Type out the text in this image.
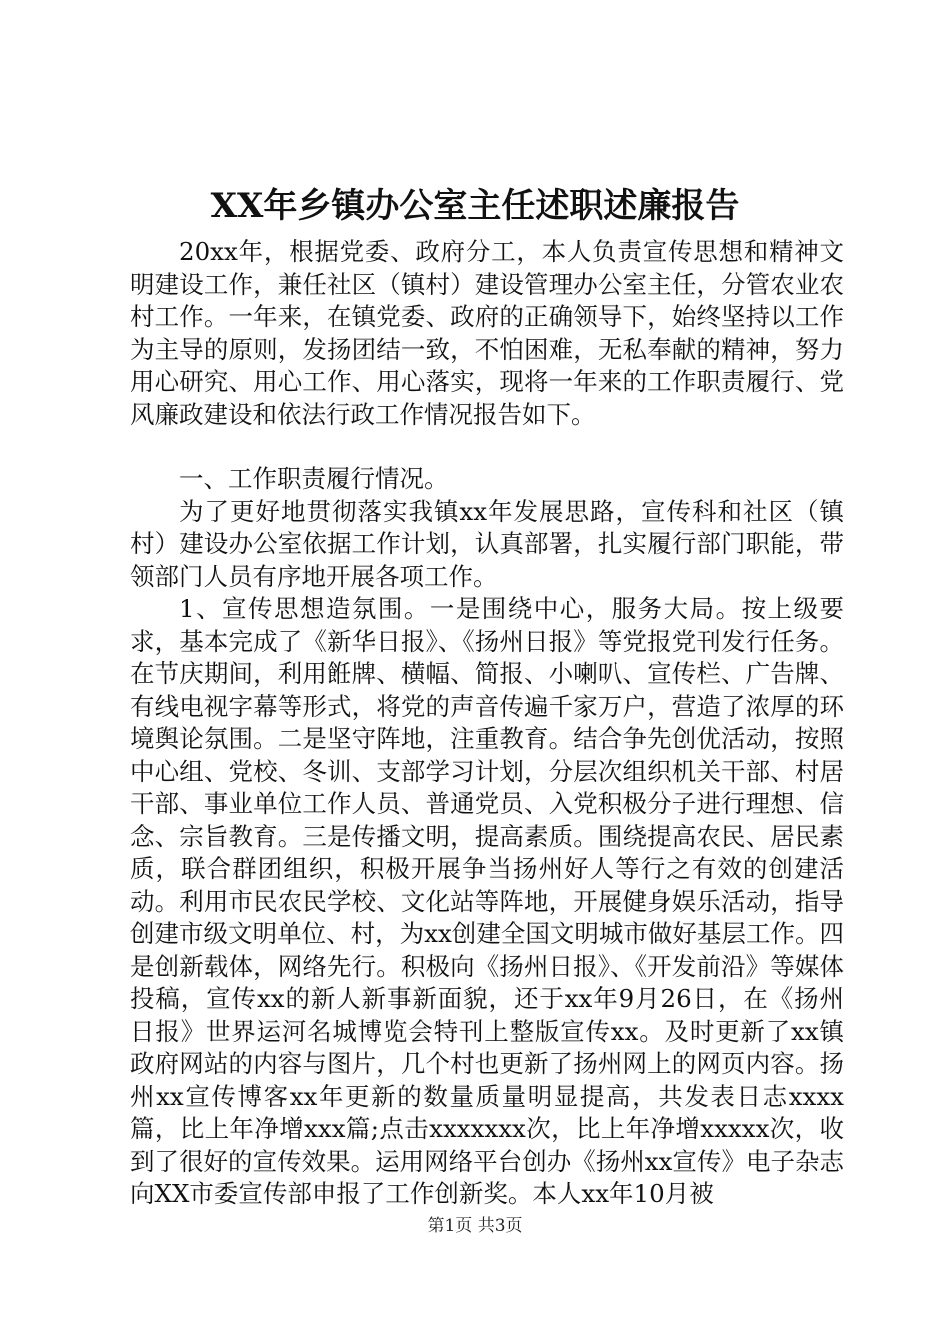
XX年乡镇办公室主任述职述廉报告

20xx年，根据党委、政府分工，本人负责宣传思想和精神文明建设工作，兼任社区（镇村）建设管理办公室主任，分管农业农村工作。一年来，在镇党委、政府的正确领导下，始终坚持以工作为主导的原则，发扬团结一致，不怕困难，无私奉献的精神，努力用心研究、用心工作、用心落实，现将一年来的工作职责履行、党风廉政建设和依法行政工作情况报告如下。

一、工作职责履行情况。

为了更好地贯彻落实我镇xx年发展思路，宣传科和社区（镇村）建设办公室依据工作计划，认真部署，扎实履行部门职能，带领部门人员有序地开展各项工作。

1、宣传思想造氛围。一是围绕中心，服务大局。按上级要求，基本完成了《新华日报》、《扬州日报》等党报党刊发行任务。在节庆期间，利用餁牌、横幅、简报、小喇叭、宣传栏、广告牌、有线电视字幕等形式，将党的声音传遍千家万户，营造了浓厚的环境舆论氛围。二是坚守阵地，注重教育。结合争先创优活动，按照中心组、党校、冬训、支部学习计划，分层次组织机关干部、村居干部、事业单位工作人员、普通党员、入党积极分子进行理想、信念、宗旨教育。三是传播文明，提高素质。围绕提高农民、居民素质，联合群团组织，积极开展争当扬州好人等行之有效的创建活动。利用市民农民学校、文化站等阵地，开展健身娱乐活动，指导创建市级文明单位、村，为xx创建全国文明城市做好基层工作。四是创新载体，网络先行。积极向《扬州日报》、《开发前沿》等媒体投稿，宣传xx的新人新事新面貌，还于xx年9月26日，在《扬州日报》世界运河名城博览会特刊上整版宣传xx。及时更新了xx镇政府网站的内容与图片，几个村也更新了扬州网上的网页内容。扬州xx宣传博客xx年更新的数量质量明显提高，共发表日志xxxx篇，比上年净增xxx篇;点击xxxxxxx次，比上年净增xxxxx次，收到了很好的宣传效果。运用网络平台创办《扬州xx宣传》电子杂志向XX市委宣传部申报了工作创新奖。本人xx年10月被

第1页 共3页
